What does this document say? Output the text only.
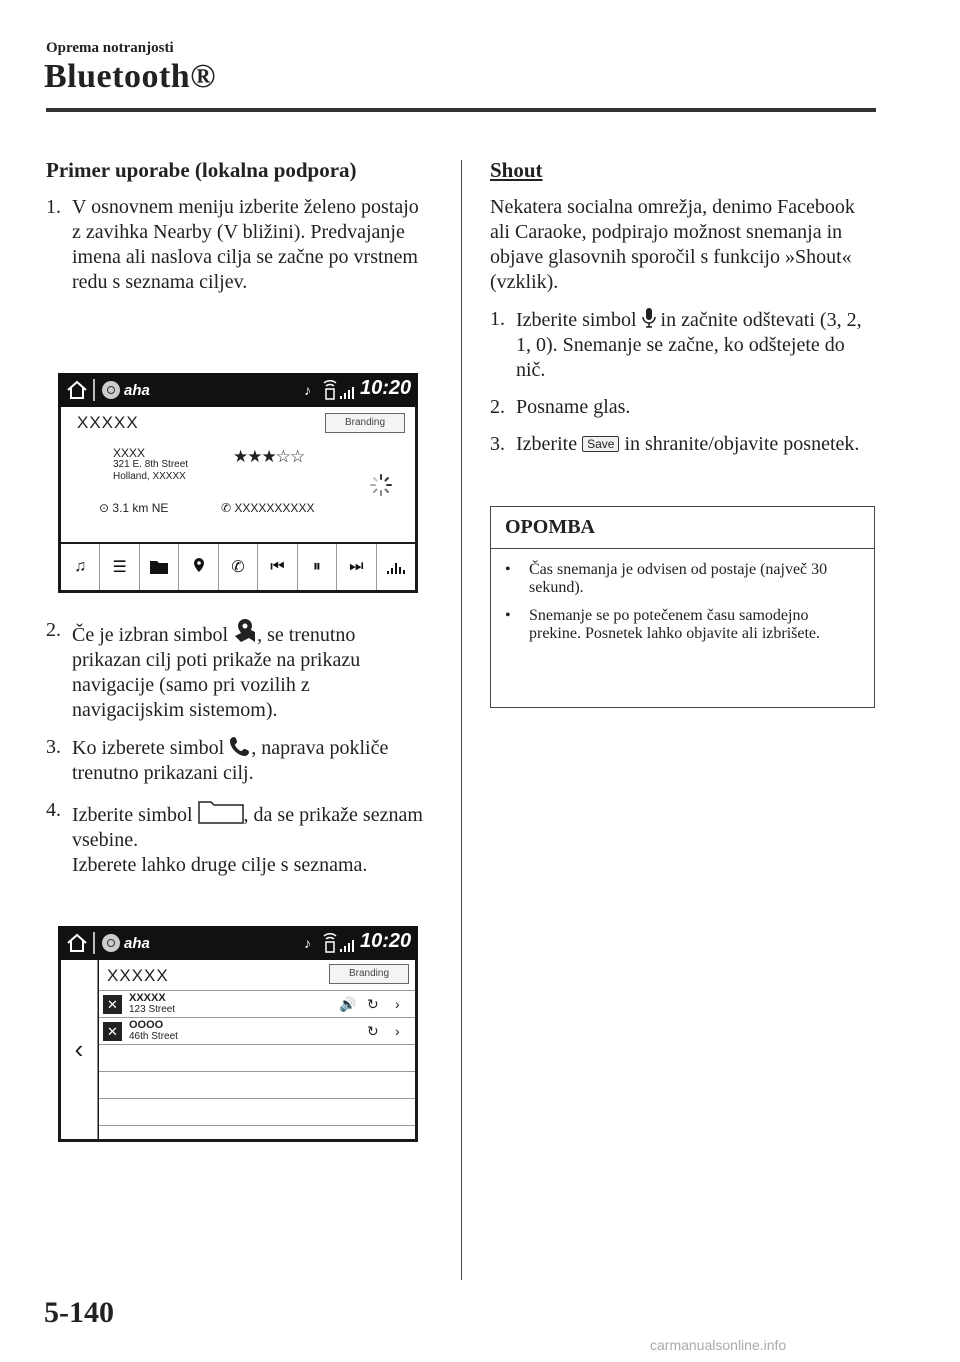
Oprema notranjosti
Bluetooth®
Primer uporabe (lokalna podpora)
1. V osnovnem meniju izberite želeno postajo z zavihka Nearby (V bližini). Predvajanje imena ali naslova cilja se začne po vrstnem redu s seznama ciljev.
2. Če je izbran simbol , se trenutno prikazan cilj poti prikaže na prikazu navigacije (samo pri vozilih z navigacijskim sistemom).
3. Ko izberete simbol , naprava pokliče trenutno prikazani cilj.
4. Izberite simbol	, da se prikaže seznam vsebine.
Izberete lahko druge cilje s seznama.
aha	♪ 10:20
XXXXX	Branding
XXXX
321 E. 8th Street
Holland, XXXXX
★★★☆☆
⊙ 3.1 km NE	✆ XXXXXXXXXX
♫	☰	✆	⏮	⏸	⏭
aha	♪ 10:20
‹
XXXXX	Branding
✕	XXXXX
123 Street	🔊 ↻ ›
✕	OOOO
46th Street	↻ ›
Shout
Nekatera socialna omrežja, denimo Facebook ali Caraoke, podpirajo možnost snemanja in objave glasovnih sporočil s funkcijo »Shout« (vzklik).
1. Izberite simbol in začnite odštevati (3, 2, 1, 0). Snemanje se začne, ko odštejete do nič.
2. Posname glas.
3. Izberite Save in shranite/objavite posnetek.
OPOMBA
•	Čas snemanja je odvisen od postaje (največ 30 sekund).
•	Snemanje se po potečenem času samodejno prekine. Posnetek lahko objavite ali izbrišete.
5-140
carmanualsonline.info
